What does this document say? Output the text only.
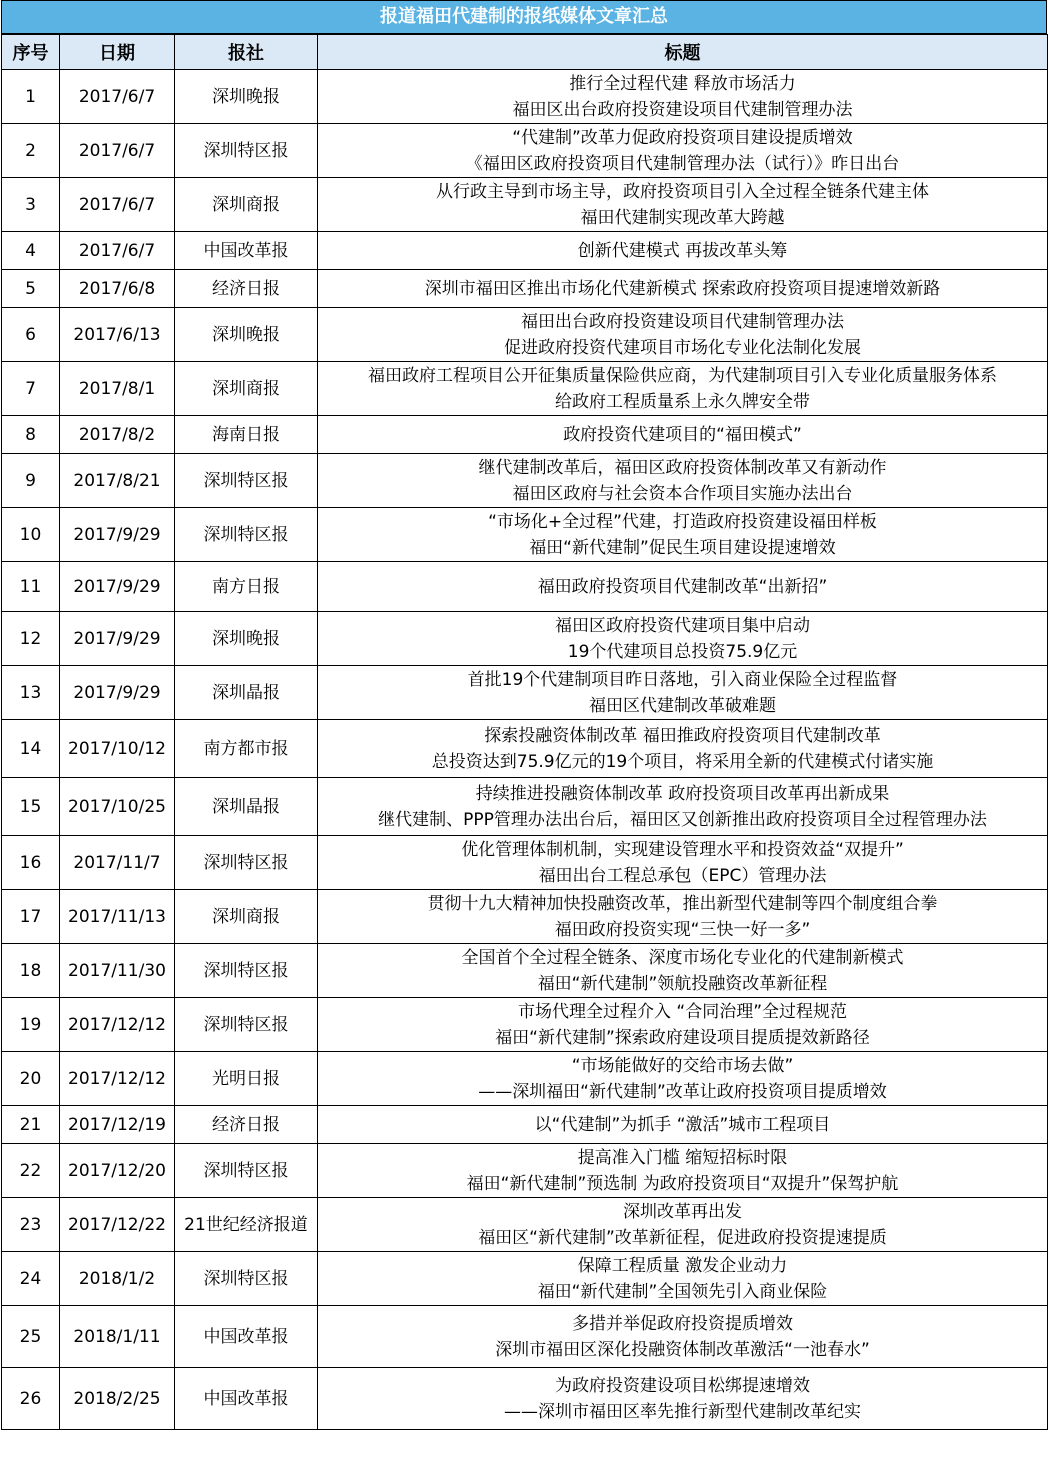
报道福田代建制的报纸媒体文章汇总
序号	日期	报社	标题
1	2017/6/7	深圳晚报	推行全过程代建 释放市场活力
福田区出台政府投资建设项目代建制管理办法

2	2017/6/7	深圳特区报	“代建制”改革力促政府投资项目建设提质增效
《福田区政府投资项目代建制管理办法（试行）》昨日出台

3	2017/6/7	深圳商报	从行政主导到市场主导，政府投资项目引入全过程全链条代建主体
福田代建制实现改革大跨越

4	2017/6/7	中国改革报	创新代建模式 再拔改革头筹

5	2017/6/8	经济日报	深圳市福田区推出市场化代建新模式 探索政府投资项目提速增效新路

6	2017/6/13	深圳晚报	福田出台政府投资建设项目代建制管理办法
促进政府投资代建项目市场化专业化法制化发展

7	2017/8/1	深圳商报	福田政府工程项目公开征集质量保险供应商，为代建制项目引入专业化质量服务体系
给政府工程质量系上永久牌安全带

8	2017/8/2	海南日报	政府投资代建项目的“福田模式”

9	2017/8/21	深圳特区报	继代建制改革后，福田区政府投资体制改革又有新动作
福田区政府与社会资本合作项目实施办法出台

10	2017/9/29	深圳特区报	“市场化+全过程”代建，打造政府投资建设福田样板
福田“新代建制”促民生项目建设提速增效

11	2017/9/29	南方日报	福田政府投资项目代建制改革“出新招”

12	2017/9/29	深圳晚报	福田区政府投资代建项目集中启动
19个代建项目总投资75.9亿元

13	2017/9/29	深圳晶报	首批19个代建制项目昨日落地，引入商业保险全过程监督
福田区代建制改革破难题

14	2017/10/12	南方都市报	探索投融资体制改革 福田推政府投资项目代建制改革
总投资达到75.9亿元的19个项目，将采用全新的代建模式付诸实施

15	2017/10/25	深圳晶报	持续推进投融资体制改革 政府投资项目改革再出新成果
继代建制、PPP管理办法出台后，福田区又创新推出政府投资项目全过程管理办法

16	2017/11/7	深圳特区报	优化管理体制机制，实现建设管理水平和投资效益“双提升”
福田出台工程总承包（EPC）管理办法

17	2017/11/13	深圳商报	贯彻十九大精神加快投融资改革，推出新型代建制等四个制度组合拳
福田政府投资实现“三快一好一多”

18	2017/11/30	深圳特区报	全国首个全过程全链条、深度市场化专业化的代建制新模式
福田“新代建制”领航投融资改革新征程

19	2017/12/12	深圳特区报	市场代理全过程介入 “合同治理”全过程规范
福田“新代建制”探索政府建设项目提质提效新路径

20	2017/12/12	光明日报	“市场能做好的交给市场去做”
——深圳福田“新代建制”改革让政府投资项目提质增效

21	2017/12/19	经济日报	以“代建制”为抓手 “激活”城市工程项目

22	2017/12/20	深圳特区报	提高准入门槛 缩短招标时限
福田“新代建制”预选制 为政府投资项目“双提升”保驾护航

23	2017/12/22	21世纪经济报道	深圳改革再出发
福田区“新代建制”改革新征程，促进政府投资提速提质

24	2018/1/2	深圳特区报	保障工程质量 激发企业动力
福田“新代建制”全国领先引入商业保险

25	2018/1/11	中国改革报	多措并举促政府投资提质增效
深圳市福田区深化投融资体制改革激活“一池春水”

26	2018/2/25	中国改革报	为政府投资建设项目松绑提速增效
——深圳市福田区率先推行新型代建制改革纪实
